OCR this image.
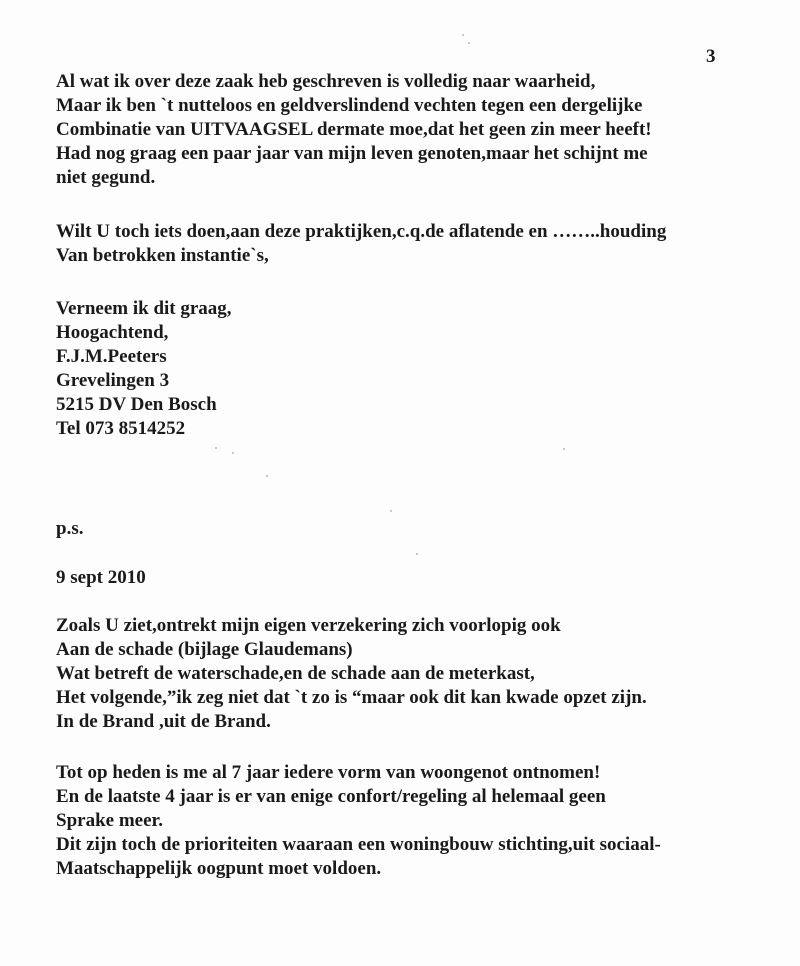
3
Al wat ik over deze zaak heb geschreven is volledig naar waarheid,
Maar ik ben `t nutteloos en geldverslindend vechten tegen een dergelijke
Combinatie van UITVAAGSEL dermate moe,dat het geen zin meer heeft!
Had nog graag een paar jaar van mijn leven genoten,maar het schijnt me
niet gegund.
Wilt U toch iets doen,aan deze praktijken,c.q.de aflatende en ……..houding
Van betrokken instantie`s,
Verneem ik dit graag,
Hoogachtend,
F.J.M.Peeters
Grevelingen 3
5215 DV Den Bosch
Tel 073 8514252
p.s.
9 sept 2010
Zoals U ziet,ontrekt mijn eigen verzekering zich voorlopig ook
Aan de schade (bijlage Glaudemans)
Wat betreft de waterschade,en de schade aan de meterkast,
Het volgende,”ik zeg niet dat `t zo is “maar ook dit kan kwade opzet zijn.
In de Brand ,uit de Brand.
Tot op heden is me al 7 jaar iedere vorm van woongenot ontnomen!
En de laatste 4 jaar is er van enige confort/regeling al helemaal geen
Sprake meer.
Dit zijn toch de prioriteiten waaraan een woningbouw stichting,uit sociaal-
Maatschappelijk oogpunt moet voldoen.
